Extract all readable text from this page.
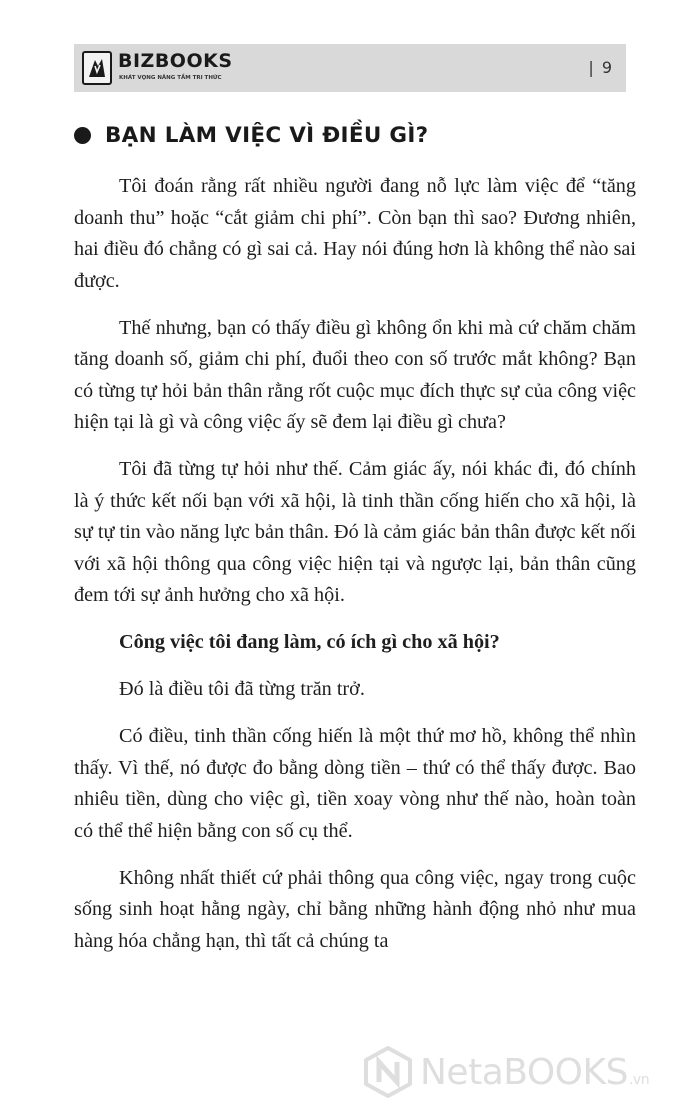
BIZBOOKS
KHÁT VỌNG NÂNG TẦM TRI THỨC
| 9
BẠN LÀM VIỆC VÌ ĐIỀU GÌ?

Tôi đoán rằng rất nhiều người đang nỗ lực làm việc để “tăng doanh thu” hoặc “cắt giảm chi phí”. Còn bạn thì sao? Đương nhiên, hai điều đó chẳng có gì sai cả. Hay nói đúng hơn là không thể nào sai được.

Thế nhưng, bạn có thấy điều gì không ổn khi mà cứ chăm chăm tăng doanh số, giảm chi phí, đuổi theo con số trước mắt không? Bạn có từng tự hỏi bản thân rằng rốt cuộc mục đích thực sự của công việc hiện tại là gì và công việc ấy sẽ đem lại điều gì chưa?

Tôi đã từng tự hỏi như thế. Cảm giác ấy, nói khác đi, đó chính là ý thức kết nối bạn với xã hội, là tinh thần cống hiến cho xã hội, là sự tự tin vào năng lực bản thân. Đó là cảm giác bản thân được kết nối với xã hội thông qua công việc hiện tại và ngược lại, bản thân cũng đem tới sự ảnh hưởng cho xã hội.

Công việc tôi đang làm, có ích gì cho xã hội?

Đó là điều tôi đã từng trăn trở.

Có điều, tinh thần cống hiến là một thứ mơ hồ, không thể nhìn thấy. Vì thế, nó được đo bằng dòng tiền – thứ có thể thấy được. Bao nhiêu tiền, dùng cho việc gì, tiền xoay vòng như thế nào, hoàn toàn có thể thể hiện bằng con số cụ thể.

Không nhất thiết cứ phải thông qua công việc, ngay trong cuộc sống sinh hoạt hằng ngày, chỉ bằng những hành động nhỏ như mua hàng hóa chẳng hạn, thì tất cả chúng ta

NetaBOOKS.vn
